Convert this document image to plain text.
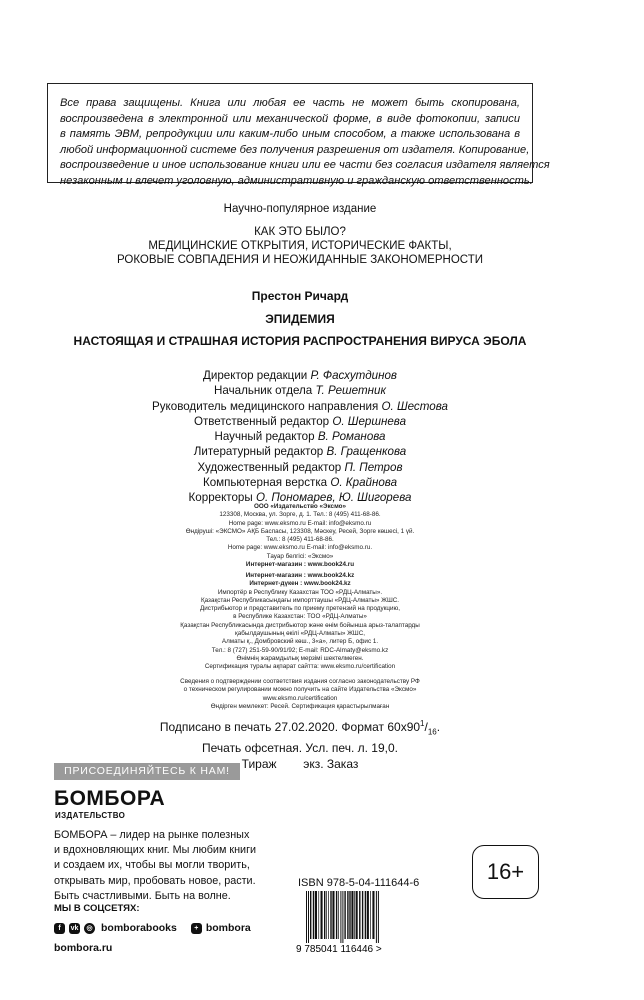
Все права защищены. Книга или любая ее часть не может быть скопирована,
воспроизведена в электронной или механической форме, в виде фотокопии, записи
в память ЭВМ, репродукции или каким-либо иным способом, а также использована в
любой информационной системе без получения разрешения от издателя. Копирование,
воспроизведение и иное использование книги или ее части без согласия издателя является
незаконным и влечет уголовную, административную и гражданскую ответственность.
Научно-популярное издание
КАК ЭТО БЫЛО?
МЕДИЦИНСКИЕ ОТКРЫТИЯ, ИСТОРИЧЕСКИЕ ФАКТЫ,
РОКОВЫЕ СОВПАДЕНИЯ И НЕОЖИДАННЫЕ ЗАКОНОМЕРНОСТИ
Престон Ричард
ЭПИДЕМИЯ
НАСТОЯЩАЯ И СТРАШНАЯ ИСТОРИЯ РАСПРОСТРАНЕНИЯ ВИРУСА ЭБОЛА
Директор редакции Р. Фасхутдинов
Начальник отдела Т. Решетник
Руководитель медицинского направления О. Шестова
Ответственный редактор О. Шершнева
Научный редактор В. Романова
Литературный редактор В. Гращенкова
Художественный редактор П. Петров
Компьютерная верстка О. Крайнова
Корректоры О. Пономарев, Ю. Шигорева
ООО «Издательство «Эксмо»
123308, Москва, ул. Зорге, д. 1. Тел.: 8 (495) 411-68-86.
Home page: www.eksmo.ru E-mail: info@eksmo.ru
Өндіруші: «ЭКСМО» АҚБ Баспасы, 123308, Мәскеу, Ресей, Зорге көшесі, 1 үй.
Тел.: 8 (495) 411-68-86.
Home page: www.eksmo.ru E-mail: info@eksmo.ru.
Тауар белгісі: «Эксмо»
Интернет-магазин : www.book24.ru
Интернет-магазин : www.book24.kz
Интернет-дүкен : www.book24.kz
Импортёр в Республику Казахстан ТОО «РДЦ-Алматы».
Қазақстан Республикасындағы импорттаушы «РДЦ-Алматы» ЖШС.
Дистрибьютор и представитель по приему претензий на продукцию,
в Республике Казахстан: ТОО «РДЦ-Алматы»
Қазақстан Республикасында дистрибьютор және өнім бойынша арыз-талаптарды
қабылдаушының өкілі «РДЦ-Алматы» ЖШС,
Алматы қ., Домбровский көш., 3«а», литер Б, офис 1.
Тел.: 8 (727) 251-59-90/91/92; E-mail: RDC-Almaty@eksmo.kz
Өнімнің жарамдылық мерзімі шектелмеген.
Сертификация туралы ақпарат сайтта: www.eksmo.ru/certification
Сведения о подтверждении соответствия издания согласно законодательству РФ
о техническом регулировании можно получить на сайте Издательства «Эксмо»
www.eksmo.ru/certification
Өндірген мемлекет: Ресей. Сертификация қарастырылмаған
Подписано в печать 27.02.2020. Формат $60x90^1/_{16}$.
Печать офсетная. Усл. печ. л. 19,0.
Тираж экз. Заказ
ПРИСОЕДИНЯЙТЕСЬ К НАМ!
БОМБОРА
ИЗДАТЕЛЬСТВО
БОМБОРА – лидер на рынке полезных
и вдохновляющих книг. Мы любим книги
и создаем их, чтобы вы могли творить,
открывать мир, пробовать новое, расти.
Быть счастливыми. Быть на волне.
МЫ В СОЦСЕТЯХ:
f	vk	◎ bomborabooks	+ bombora
bombora.ru
ISBN 978-5-04-111644-6
9 785041 116446 >
16+
